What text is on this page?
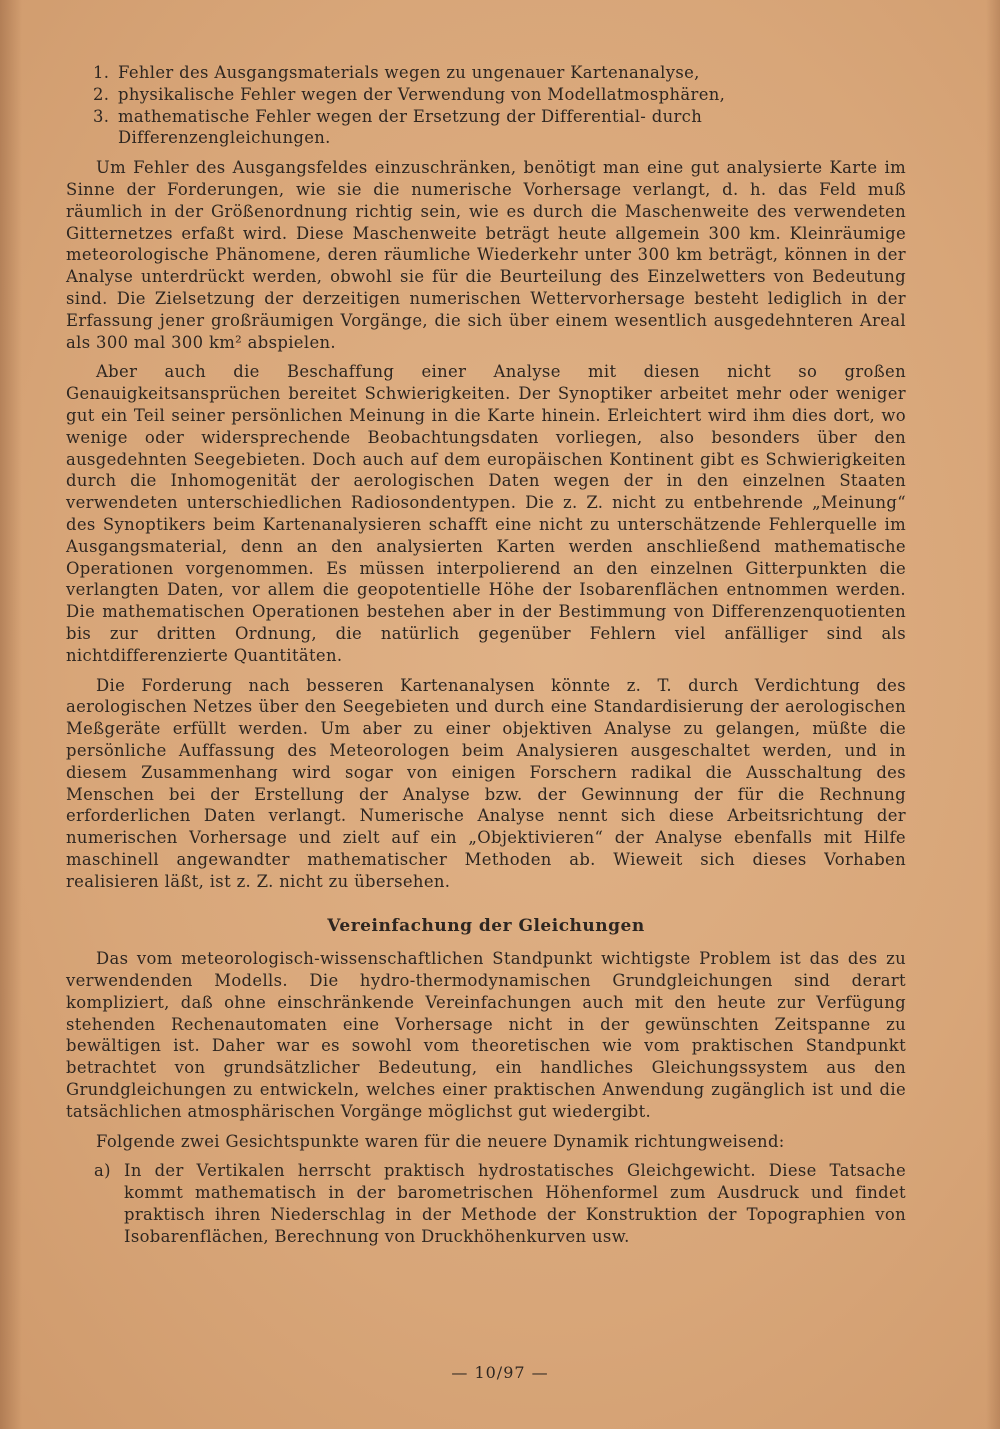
1. Fehler des Ausgangsmaterials wegen zu ungenauer Kartenanalyse,
2. physikalische Fehler wegen der Verwendung von Modellatmosphären,
3. mathematische Fehler wegen der Ersetzung der Differential- durch Differenzengleichungen.

Um Fehler des Ausgangsfeldes einzuschränken, benötigt man eine gut analysierte Karte im Sinne der Forderungen, wie sie die numerische Vorhersage verlangt, d. h. das Feld muß räumlich in der Größenordnung richtig sein, wie es durch die Maschenweite des verwendeten Gitternetzes erfaßt wird. Diese Maschenweite beträgt heute allgemein 300 km. Kleinräumige meteorologische Phänomene, deren räumliche Wiederkehr unter 300 km beträgt, können in der Analyse unterdrückt werden, obwohl sie für die Beurteilung des Einzelwetters von Bedeutung sind. Die Zielsetzung der derzeitigen numerischen Wettervorhersage besteht lediglich in der Erfassung jener großräumigen Vorgänge, die sich über einem wesentlich ausgedehnteren Areal als 300 mal 300 km² abspielen.

Aber auch die Beschaffung einer Analyse mit diesen nicht so großen Genauigkeitsansprüchen bereitet Schwierigkeiten. Der Synoptiker arbeitet mehr oder weniger gut ein Teil seiner persönlichen Meinung in die Karte hinein. Erleichtert wird ihm dies dort, wo wenige oder widersprechende Beobachtungsdaten vorliegen, also besonders über den ausgedehnten Seegebieten. Doch auch auf dem europäischen Kontinent gibt es Schwierigkeiten durch die Inhomogenität der aerologischen Daten wegen der in den einzelnen Staaten verwendeten unterschiedlichen Radiosondentypen. Die z. Z. nicht zu entbehrende „Meinung“ des Synoptikers beim Kartenanalysieren schafft eine nicht zu unterschätzende Fehlerquelle im Ausgangsmaterial, denn an den analysierten Karten werden anschließend mathematische Operationen vorgenommen. Es müssen interpolierend an den einzelnen Gitterpunkten die verlangten Daten, vor allem die geopotentielle Höhe der Isobarenflächen entnommen werden. Die mathematischen Operationen bestehen aber in der Bestimmung von Differenzenquotienten bis zur dritten Ordnung, die natürlich gegenüber Fehlern viel anfälliger sind als nichtdifferenzierte Quantitäten.

Die Forderung nach besseren Kartenanalysen könnte z. T. durch Verdichtung des aerologischen Netzes über den Seegebieten und durch eine Standardisierung der aerologischen Meßgeräte erfüllt werden. Um aber zu einer objektiven Analyse zu gelangen, müßte die persönliche Auffassung des Meteorologen beim Analysieren ausgeschaltet werden, und in diesem Zusammenhang wird sogar von einigen Forschern radikal die Ausschaltung des Menschen bei der Erstellung der Analyse bzw. der Gewinnung der für die Rechnung erforderlichen Daten verlangt. Numerische Analyse nennt sich diese Arbeitsrichtung der numerischen Vorhersage und zielt auf ein „Objektivieren“ der Analyse ebenfalls mit Hilfe maschinell angewandter mathematischer Methoden ab. Wieweit sich dieses Vorhaben realisieren läßt, ist z. Z. nicht zu übersehen.

Vereinfachung der Gleichungen

Das vom meteorologisch-wissenschaftlichen Standpunkt wichtigste Problem ist das des zu verwendenden Modells. Die hydro-thermodynamischen Grundgleichungen sind derart kompliziert, daß ohne einschränkende Vereinfachungen auch mit den heute zur Verfügung stehenden Rechenautomaten eine Vorhersage nicht in der gewünschten Zeitspanne zu bewältigen ist. Daher war es sowohl vom theoretischen wie vom praktischen Standpunkt betrachtet von grundsätzlicher Bedeutung, ein handliches Gleichungssystem aus den Grundgleichungen zu entwickeln, welches einer praktischen Anwendung zugänglich ist und die tatsächlichen atmosphärischen Vorgänge möglichst gut wiedergibt.

Folgende zwei Gesichtspunkte waren für die neuere Dynamik richtungweisend:

a) In der Vertikalen herrscht praktisch hydrostatisches Gleichgewicht. Diese Tatsache kommt mathematisch in der barometrischen Höhenformel zum Ausdruck und findet praktisch ihren Niederschlag in der Methode der Konstruktion der Topographien von Isobarenflächen, Berechnung von Druckhöhenkurven usw.
— 10/97 —
